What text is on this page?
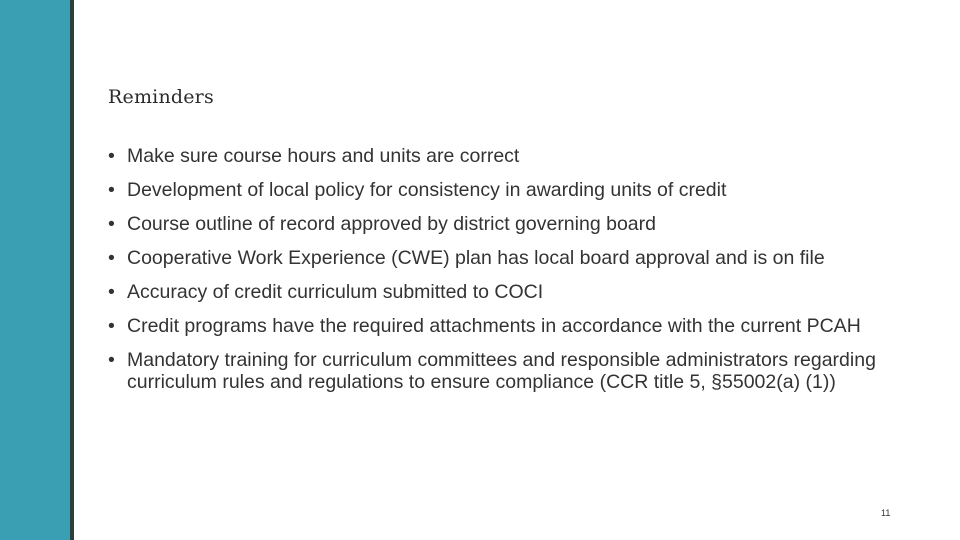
Reminders
• Make sure course hours and units are correct
• Development of local policy for consistency in awarding units of credit
• Course outline of record approved by district governing board
• Cooperative Work Experience (CWE) plan has local board approval and is on file
• Accuracy of credit curriculum submitted to COCI
• Credit programs have the required attachments in accordance with the current PCAH
• Mandatory training for curriculum committees and responsible administrators regarding curriculum rules and regulations to ensure compliance (CCR title 5, §55002(a) (1))
11
